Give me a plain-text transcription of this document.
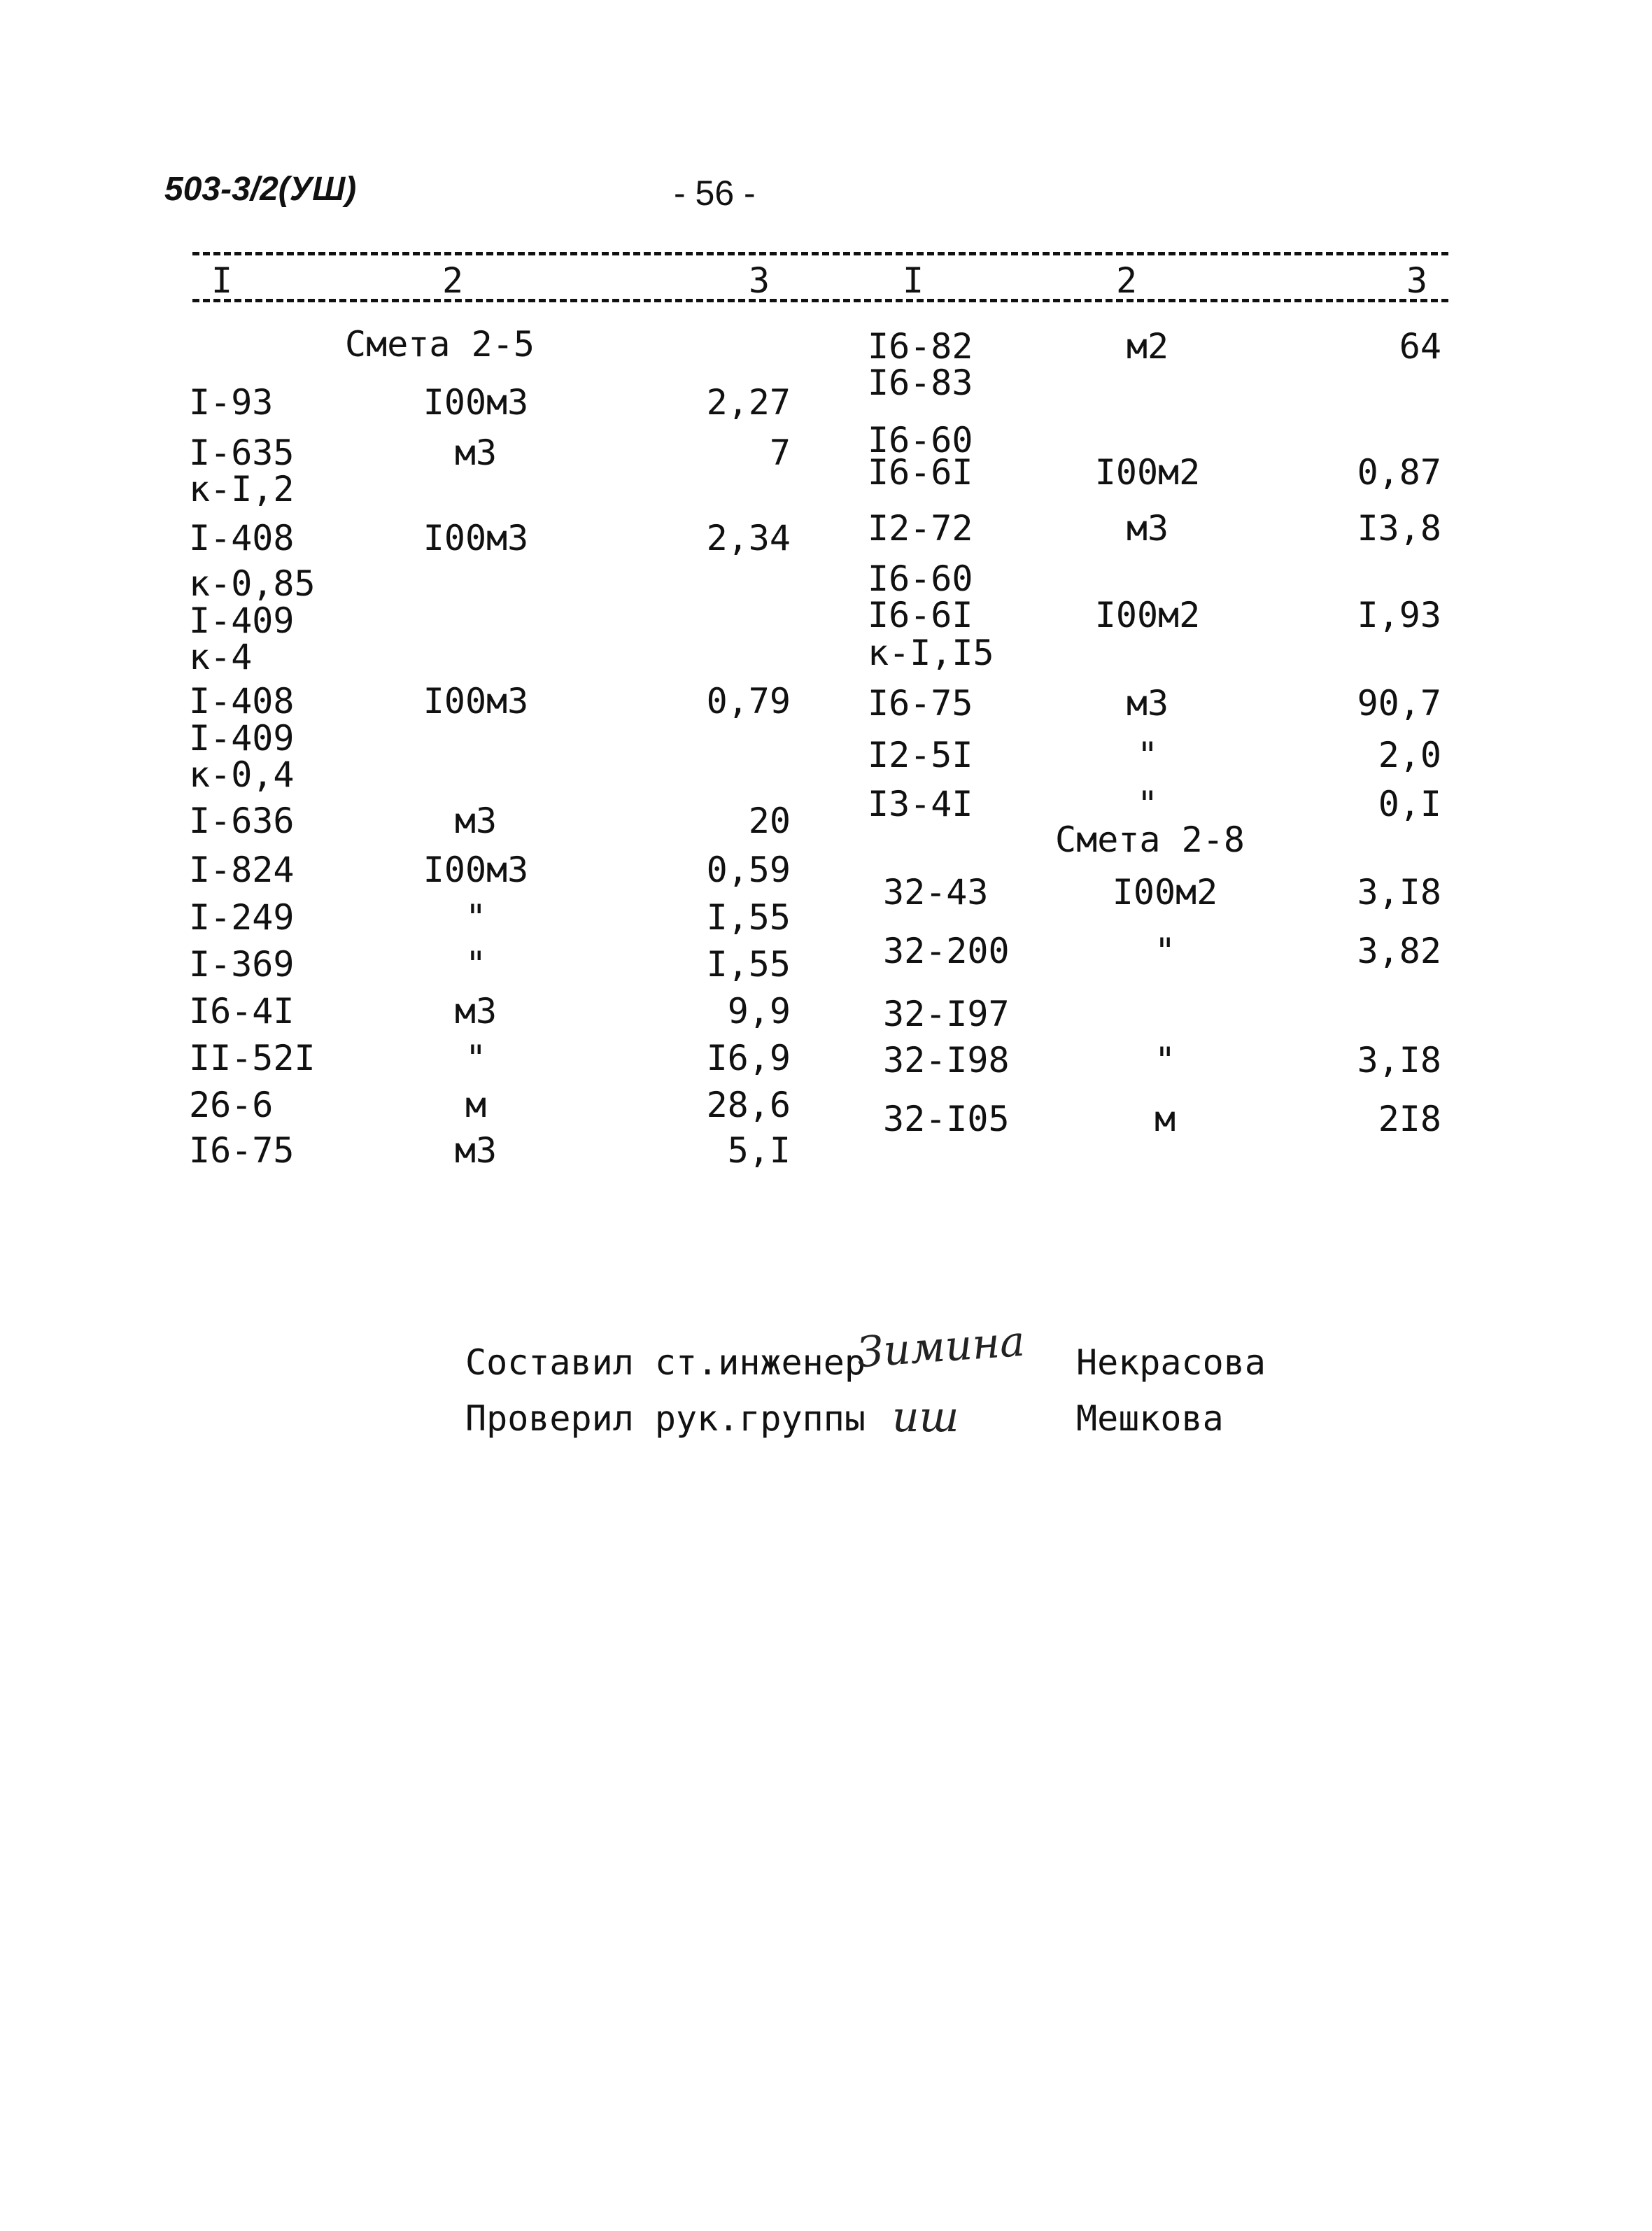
503-3/2(УШ)	- 56 -
I	2	3	I	2	3
Смета 2-5
I-93	I00м3	2,27
I-635	м3	7
к-I,2
I-408	I00м3	2,34
к-0,85
I-409
к-4
I-408	I00м3	0,79
I-409
к-0,4
I-636	м3	20
I-824	I00м3	0,59
I-249	"	I,55
I-369	"	I,55
I6-4I	м3	9,9
II-52I	"	I6,9
26-6	м	28,6
I6-75	м3	5,I
I6-82	м2	64
I6-83
I6-60
I6-6I	I00м2	0,87
I2-72	м3	I3,8
I6-60
I6-6I	I00м2	I,93
к-I,I5
I6-75	м3	90,7
I2-5I	"	2,0
I3-4I	"	0,I
Смета 2-8
32-43	I00м2	3,I8
32-200	"	3,82
32-I97
32-I98	"	3,I8
32-I05	м	2I8
Составил ст.инженер
Зимина Некрасова
Проверил рук.группы иш	Мешкова
